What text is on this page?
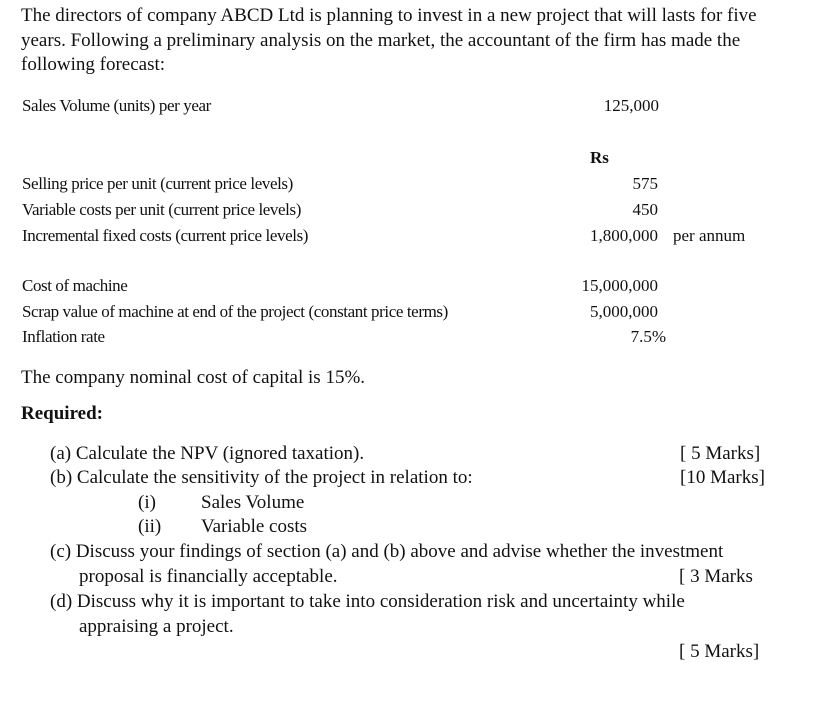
The directors of company ABCD Ltd is planning to invest in a new project that will lasts for five years. Following a preliminary analysis on the market, the accountant of the firm has made the following forecast:
Sales Volume (units) per year	125,000
Rs
Selling price per unit (current price levels)	575
Variable costs per unit (current price levels)	450
Incremental fixed costs (current price levels)	1,800,000 per annum
Cost of machine	15,000,000
Scrap value of machine at end of the project (constant price terms)	5,000,000
Inflation rate	7.5%
The company nominal cost of capital is 15%.
Required:
(a) Calculate the NPV (ignored taxation).	[ 5 Marks]
(b) Calculate the sensitivity of the project in relation to:	[10 Marks]
(i) Sales Volume
(ii) Variable costs
(c) Discuss your findings of section (a) and (b) above and advise whether the investment
proposal is financially acceptable.	[ 3 Marks
(d) Discuss why it is important to take into consideration risk and uncertainty while
appraising a project.
[ 5 Marks]
